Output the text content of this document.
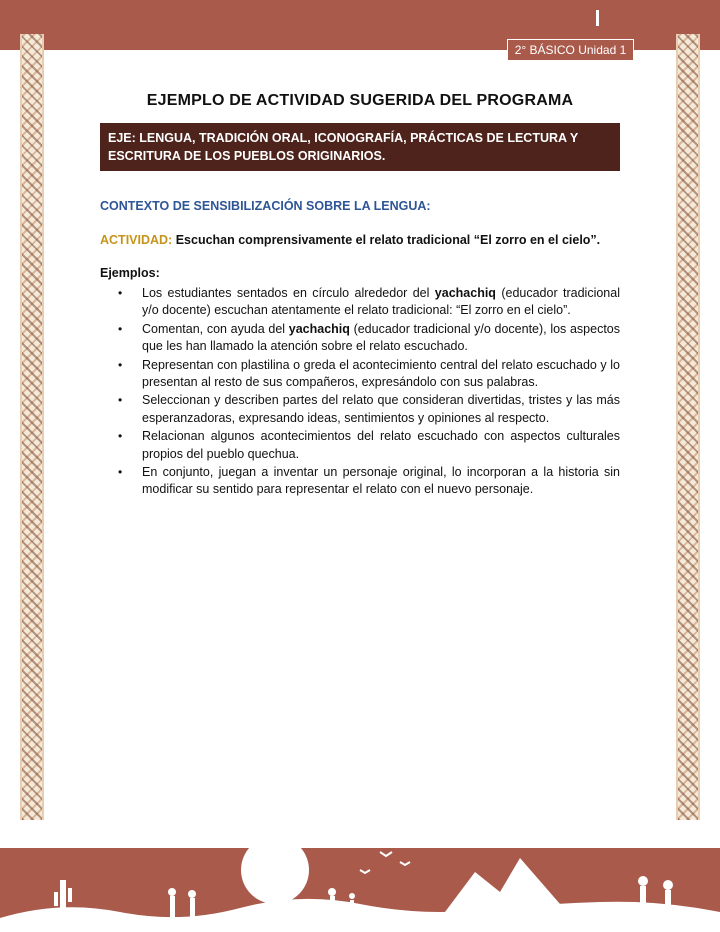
2° BÁSICO Unidad 1
EJEMPLO DE ACTIVIDAD SUGERIDA DEL PROGRAMA
EJE: LENGUA, TRADICIÓN ORAL, ICONOGRAFÍA, PRÁCTICAS DE LECTURA Y ESCRITURA DE LOS PUEBLOS ORIGINARIOS.
CONTEXTO DE SENSIBILIZACIÓN SOBRE LA LENGUA:
ACTIVIDAD: Escuchan comprensivamente el relato tradicional “El zorro en el cielo”.
Ejemplos:
• Los estudiantes sentados en círculo alrededor del yachachiq (educador tradicional y/o docente) escuchan atentamente el relato tradicional: “El zorro en el cielo”.
• Comentan, con ayuda del yachachiq (educador tradicional y/o docente), los aspectos que les han llamado la atención sobre el relato escuchado.
• Representan con plastilina o greda el acontecimiento central del relato escuchado y lo presentan al resto de sus compañeros, expresándolo con sus palabras.
• Seleccionan y describen partes del relato que consideran divertidas, tristes y las más esperanzadoras, expresando ideas, sentimientos y opiniones al respecto.
• Relacionan algunos acontecimientos del relato escuchado con aspectos culturales propios del pueblo quechua.
• En conjunto, juegan a inventar un personaje original, lo incorporan a la historia sin modificar su sentido para representar el relato con el nuevo personaje.
